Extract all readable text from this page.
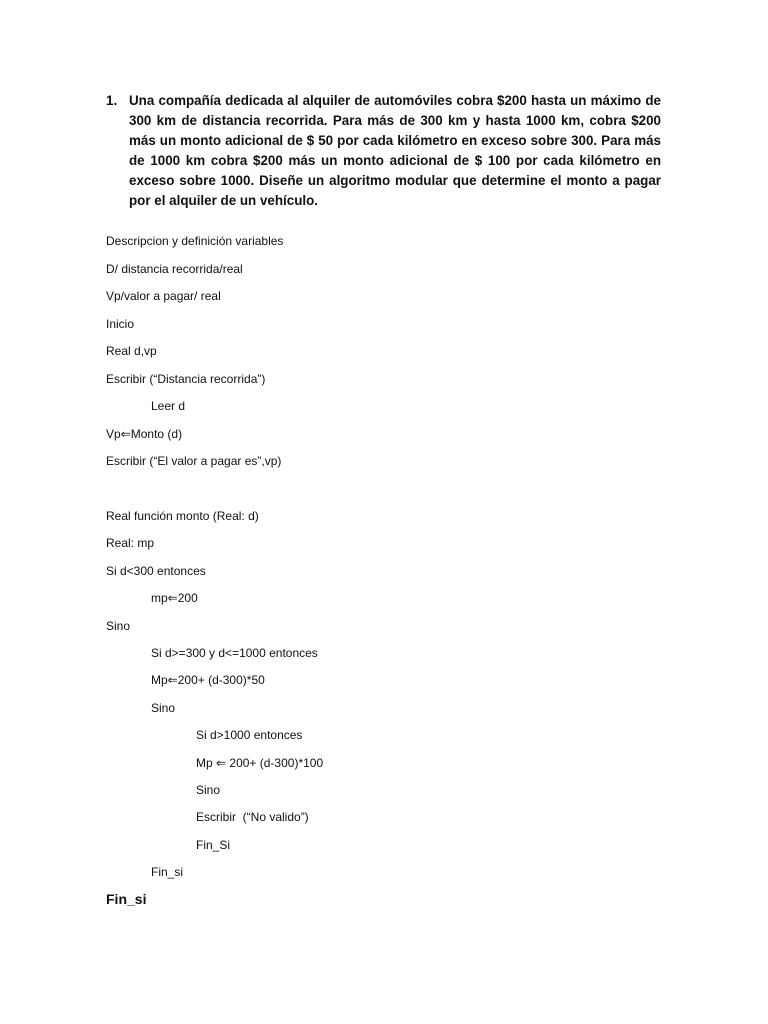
1. Una compañía dedicada al alquiler de automóviles cobra $200 hasta un máximo de 300 km de distancia recorrida. Para más de 300 km y hasta 1000 km, cobra $200 más un monto adicional de $ 50 por cada kilómetro en exceso sobre 300. Para más de 1000 km cobra $200 más un monto adicional de $ 100 por cada kilómetro en exceso sobre 1000. Diseñe un algoritmo modular que determine el monto a pagar por el alquiler de un vehículo.
Descripcion y definición variables
D/ distancia recorrida/real
Vp/valor a pagar/ real
Inicio
Real d,vp
Escribir (“Distancia recorrida”)
Leer d
Vp⇐Monto (d)
Escribir (“El valor a pagar es”,vp)
Real función monto (Real: d)
Real: mp
Si d<300 entonces
mp⇐200
Sino
Si d>=300 y d<=1000 entonces
Mp⇐200+ (d-300)*50
Sino
Si d>1000 entonces
Mp ⇐ 200+ (d-300)*100
Sino
Escribir  (“No valido”)
Fin_Si
Fin_si
Fin_si
